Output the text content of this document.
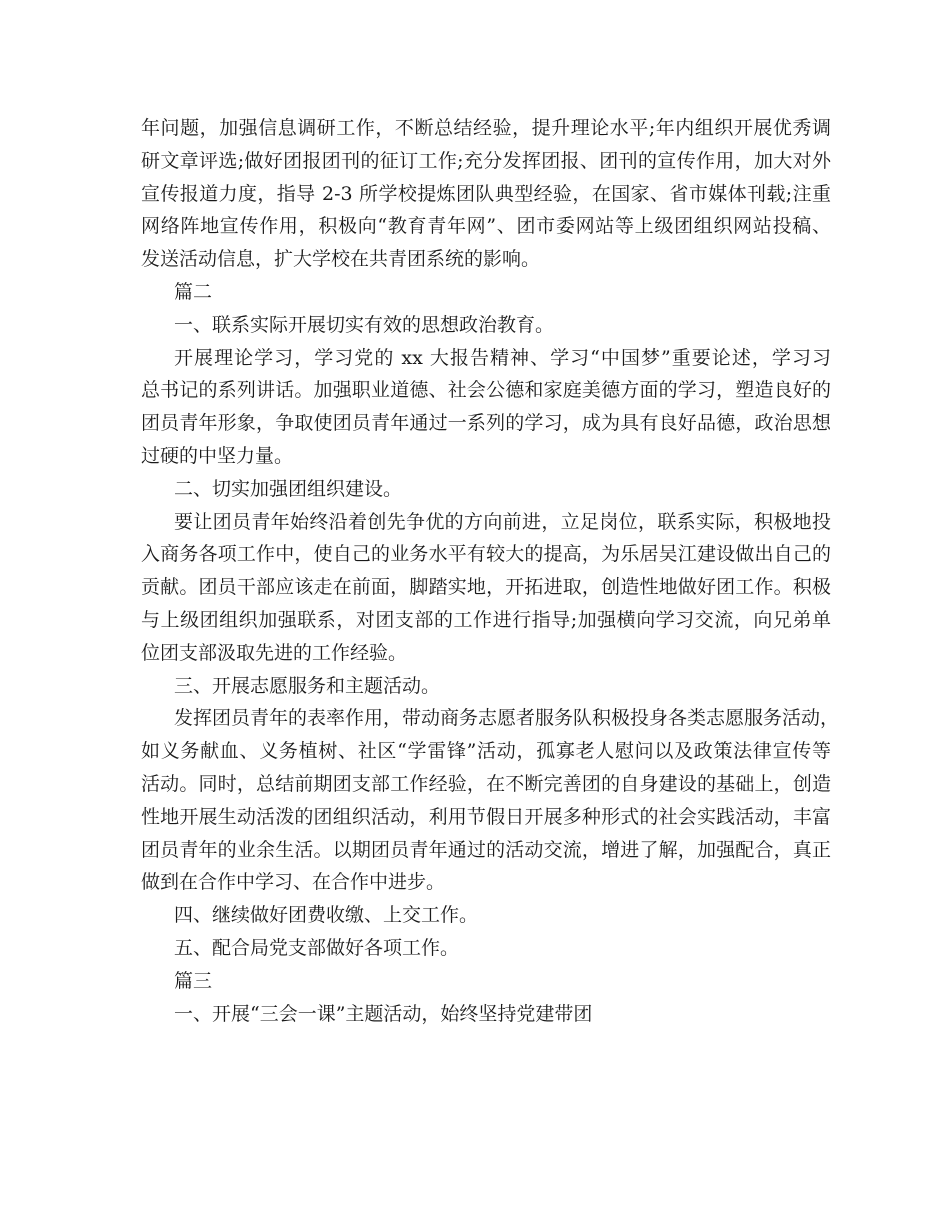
年问题，加强信息调研工作，不断总结经验，提升理论水平;年内组织开展优秀调
研文章评选;做好团报团刊的征订工作;充分发挥团报、团刊的宣传作用，加大对外
宣传报道力度，指导 2-3 所学校提炼团队典型经验，在国家、省市媒体刊载;注重
网络阵地宣传作用，积极向“教育青年网”、团市委网站等上级团组织网站投稿、
发送活动信息，扩大学校在共青团系统的影响。
篇二
一、联系实际开展切实有效的思想政治教育。
开展理论学习，学习党的 xx 大报告精神、学习“中国梦”重要论述，学习习
总书记的系列讲话。加强职业道德、社会公德和家庭美德方面的学习，塑造良好的
团员青年形象，争取使团员青年通过一系列的学习，成为具有良好品德，政治思想
过硬的中坚力量。
二、切实加强团组织建设。
要让团员青年始终沿着创先争优的方向前进，立足岗位，联系实际，积极地投
入商务各项工作中，使自己的业务水平有较大的提高，为乐居吴江建设做出自己的
贡献。团员干部应该走在前面，脚踏实地，开拓进取，创造性地做好团工作。积极
与上级团组织加强联系，对团支部的工作进行指导;加强横向学习交流，向兄弟单
位团支部汲取先进的工作经验。
三、开展志愿服务和主题活动。
发挥团员青年的表率作用，带动商务志愿者服务队积极投身各类志愿服务活动，
如义务献血、义务植树、社区“学雷锋”活动，孤寡老人慰问以及政策法律宣传等
活动。同时，总结前期团支部工作经验，在不断完善团的自身建设的基础上，创造
性地开展生动活泼的团组织活动，利用节假日开展多种形式的社会实践活动，丰富
团员青年的业余生活。以期团员青年通过的活动交流，增进了解，加强配合，真正
做到在合作中学习、在合作中进步。
四、继续做好团费收缴、上交工作。
五、配合局党支部做好各项工作。
篇三
一、开展“三会一课”主题活动，始终坚持党建带团
